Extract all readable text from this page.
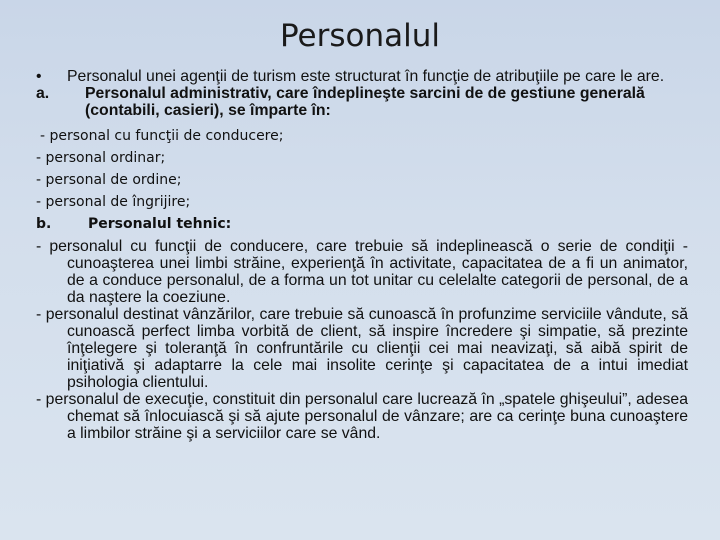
Personalul

• Personalul unei agenţii de turism este structurat în funcţie de atribuţiile pe care le are.

a. Personalul administrativ, care îndeplineşte sarcini de de gestiune generală (contabili, casieri), se împarte în:

- personal cu funcţii de conducere;
- personal ordinar;
- personal de ordine;
- personal de îngrijire;

b.	Personalul tehnic:

- personalul cu funcţii de conducere, care trebuie să indeplinească o serie de condiţii -cunoaşterea unei limbi străine, experienţă în activitate, capacitatea de a fi un animator, de a conduce personalul, de a forma un tot unitar cu celelalte categorii de personal, de a da naştere la coeziune.

- personalul destinat vânzărilor, care trebuie să cunoască în profunzime serviciile vândute, să cunoască perfect limba vorbită de client, să inspire încredere şi simpatie, să prezinte înţelegere şi toleranţă în confruntările cu clienţii cei mai neavizaţi, să aibă spirit de iniţiativă şi adaptarre la cele mai insolite cerinţe şi capacitatea de a intui imediat psihologia clientului.

- personalul de execuţie, constituit din personalul care lucrează în „spatele ghişeului”, adesea chemat să înlocuiască şi să ajute personalul de vânzare; are ca cerinţe buna cunoaştere a limbilor străine şi a serviciilor care se vând.
